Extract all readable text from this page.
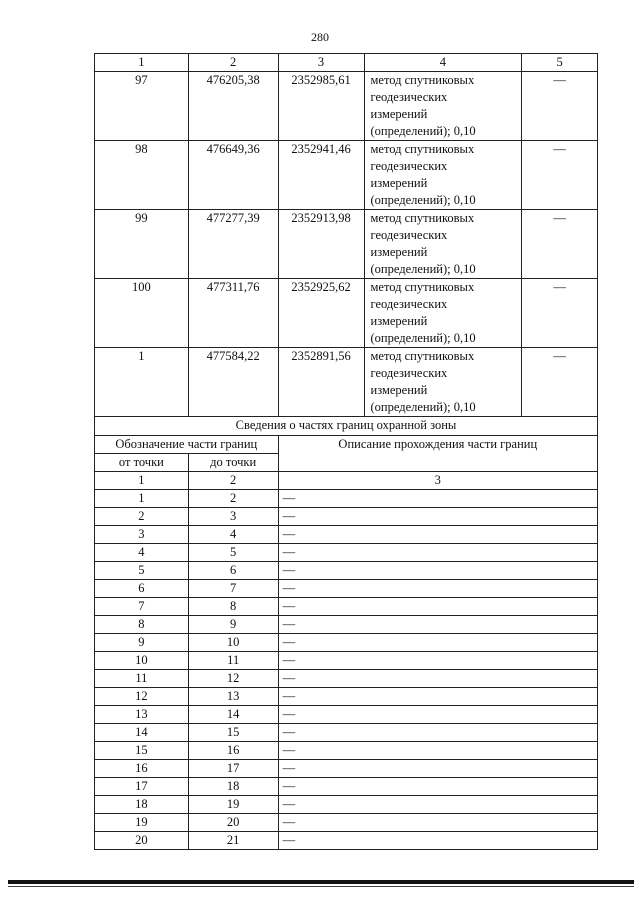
280
1	2	3	4	5
97	476205,38	2352985,61	метод спутниковых
геодезических
измерений
(определений); 0,10	—
98	476649,36	2352941,46	метод спутниковых
геодезических
измерений
(определений); 0,10	—
99	477277,39	2352913,98	метод спутниковых
геодезических
измерений
(определений); 0,10	—
100	477311,76	2352925,62	метод спутниковых
геодезических
измерений
(определений); 0,10	—
1	477584,22	2352891,56	метод спутниковых
геодезических
измерений
(определений); 0,10	—
Сведения о частях границ охранной зоны				
Обозначение части границ		Описание прохождения части границ		
от точки	до точки			
1	2	3		
1	2	—		
2	3	—		
3	4	—		
4	5	—		
5	6	—		
6	7	—		
7	8	—		
8	9	—		
9	10	—		
10	11	—		
11	12	—		
12	13	—		
13	14	—		
14	15	—		
15	16	—		
16	17	—		
17	18	—		
18	19	—		
19	20	—		
20	21	—		
